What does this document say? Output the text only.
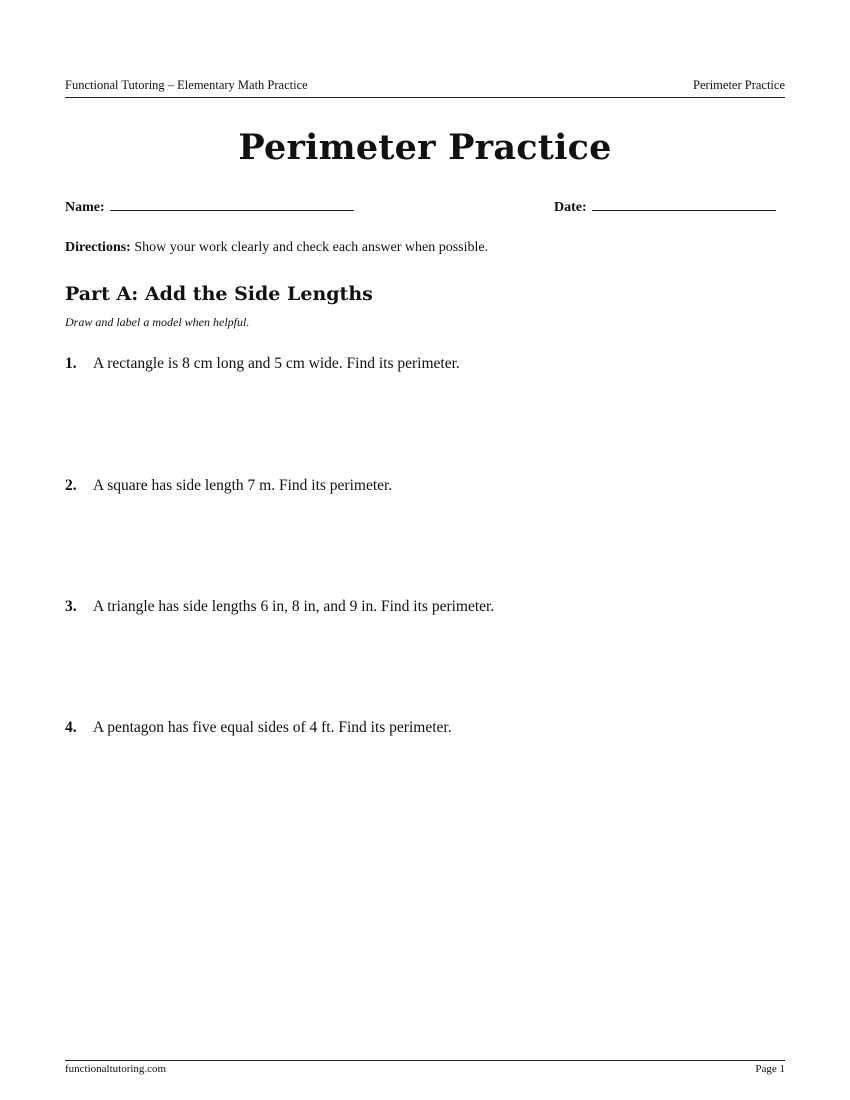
Functional Tutoring – Elementary Math Practice	Perimeter Practice
Perimeter Practice
Name:	Date:
Directions: Show your work clearly and check each answer when possible.
Part A: Add the Side Lengths
Draw and label a model when helpful.
1. A rectangle is 8 cm long and 5 cm wide. Find its perimeter.
2. A square has side length 7 m. Find its perimeter.
3. A triangle has side lengths 6 in, 8 in, and 9 in. Find its perimeter.
4. A pentagon has five equal sides of 4 ft. Find its perimeter.
functionaltutoring.com	Page 1
